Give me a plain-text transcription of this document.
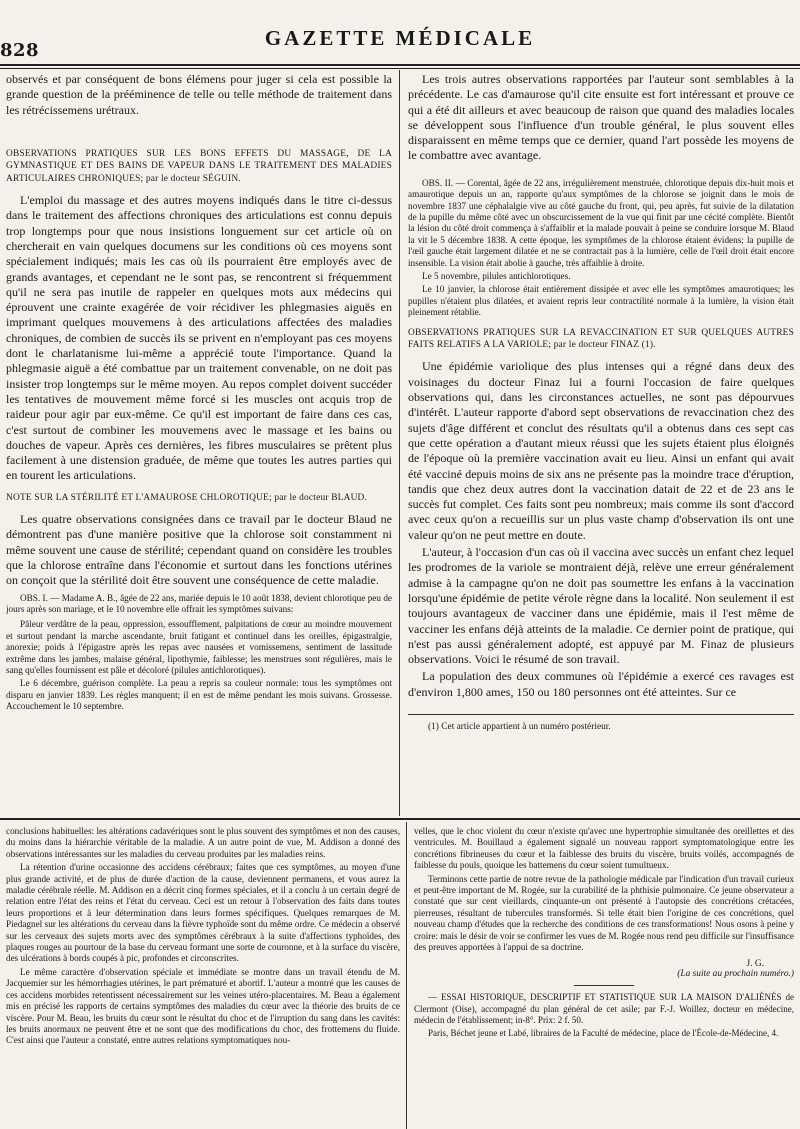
828
GAZETTE MÉDICALE

observés et par conséquent de bons élémens pour juger si cela est possible la grande question de la prééminence de telle ou telle méthode de traitement dans les rétrécissemens urétraux.

OBSERVATIONS PRATIQUES SUR LES BONS EFFETS DU MASSAGE, DE LA GYMNASTIQUE ET DES BAINS DE VAPEUR DANS LE TRAITEMENT DES MALADIES ARTICULAIRES CHRONIQUES; par le docteur SÉGUIN.

L'emploi du massage et des autres moyens indiqués dans le titre ci-dessus dans le traitement des affections chroniques des articulations est connu depuis trop longtemps pour que nous insistions longuement sur cet article où on chercherait en vain quelques documens sur les conditions où ces moyens sont spécialement indiqués; mais les cas où ils pourraient être employés avec de grands avantages, et cependant ne le sont pas, se rencontrent si fréquemment qu'il ne sera pas inutile de rappeler en quelques mots aux médecins qui éprouvent une crainte exagérée de voir récidiver les phlegmasies aiguës en imprimant quelques mouvemens à des articulations affectées des maladies chroniques, de combien de succès ils se privent en n'employant pas ces moyens dont le charlatanisme lui-même a apprécié toute l'importance. Quand la phlegmasie aiguë a été combattue par un traitement convenable, on ne doit pas insister trop longtemps sur le même moyen. Au repos complet doivent succéder les tentatives de mouvement même forcé si les muscles ont acquis trop de raideur pour agir par eux-même. Ce qu'il est important de faire dans ces cas, c'est surtout de combiner les mouvemens avec le massage et les bains ou douches de vapeur. Après ces dernières, les fibres musculaires se prêtent plus facilement à une distension graduée, de même que toutes les autres parties qui en tourent les articulations.

NOTE SUR LA STÉRILITÉ ET L'AMAUROSE CHLOROTIQUE; par le docteur BLAUD.

Les quatre observations consignées dans ce travail par le docteur Blaud ne démontrent pas d'une manière positive que la chlorose soit constamment ni même souvent une cause de stérilité; cependant quand on considère les troubles que la chlorose entraîne dans l'économie et surtout dans les fonctions utérines on conçoit que la stérilité doit être souvent une conséquence de cette maladie.

OBS. I. — Madame A. B., âgée de 22 ans, mariée depuis le 10 août 1838, devient chlorotique peu de jours après son mariage, et le 10 novembre elle offrait les symptômes suivans:

Pâleur verdâtre de la peau, oppression, essoufflement, palpitations de cœur au moindre mouvement et surtout pendant la marche ascendante, bruit fatigant et continuel dans les oreilles, épigastralgie, anorexie; poids à l'épigastre après les repas avec nausées et vomissemens, sentiment de lassitude extrême dans les jambes, malaise général, lipothymie, faiblesse; les menstrues sont régulières, mais le sang qu'elles fournissent est pâle et décoloré (pilules antichlorotiques).

Le 6 décembre, guérison complète. La peau a repris sa couleur normale: tous les symptômes ont disparu en janvier 1839. Les règles manquent; il en est de même pendant les mois suivans. Grossesse. Accouchement le 10 septembre.

Les trois autres observations rapportées par l'auteur sont semblables à la précédente. Le cas d'amaurose qu'il cite ensuite est fort intéressant et prouve ce qui a été dit ailleurs et avec beaucoup de raison que quand des maladies locales se développent sous l'influence d'un trouble général, le plus souvent elles disparaissent en même temps que ce dernier, quand l'art possède les moyens de le combattre avec avantage.

OBS. II. — Corental, âgée de 22 ans, irrégulièrement menstruée, chlorotique depuis dix-huit mois et amaurotique depuis un an, rapporte qu'aux symptômes de la chlorose se joignit dans le mois de novembre 1837 une céphalalgie vive au côté gauche du front, qui, peu après, fut suivie de la dilatation de la pupille du même côté avec un obscurcissement de la vue qui finit par une cécité complète. Bientôt la lésion du côté droit commença à s'affaiblir et la malade pouvait à peine se conduire lorsque M. Blaud la vit le 5 décembre 1838. A cette époque, les symptômes de la chlorose étaient évidens; la pupille de l'œil gauche était largement dilatée et ne se contractait pas à la lumière, celle de l'œil droit était encore insensible. La vision était abolie à gauche, très affaiblie à droite.

Le 5 novembre, pilules antichlorotiques.

Le 10 janvier, la chlorose était entièrement dissipée et avec elle les symptômes amaurotiques; les pupilles n'étaient plus dilatées, et avaient repris leur contractilité normale à la lumière, la vision était pleinement rétablie.

OBSERVATIONS PRATIQUES SUR LA REVACCINATION ET SUR QUELQUES AUTRES FAITS RELATIFS A LA VARIOLE; par le docteur FINAZ (1).

Une épidémie variolique des plus intenses qui a régné dans deux des voisinages du docteur Finaz lui a fourni l'occasion de faire quelques observations qui, dans les circonstances actuelles, ne sont pas dépourvues d'intérêt. L'auteur rapporte d'abord sept observations de revaccination chez des sujets d'âge différent et conclut des résultats qu'il a obtenus dans ces sept cas que cette opération a d'autant mieux réussi que les sujets étaient plus éloignés de l'époque où la première vaccination avait eu lieu. Ainsi un enfant qui avait été vacciné depuis moins de six ans ne présente pas la moindre trace d'éruption, tandis que chez deux autres dont la vaccination datait de 22 et de 23 ans le succès fut complet. Ces faits sont peu nombreux; mais comme ils sont d'accord avec ceux qu'on a recueillis sur un plus vaste champ d'observation ils ont une valeur qu'on ne peut mettre en doute.

L'auteur, à l'occasion d'un cas où il vaccina avec succès un enfant chez lequel les prodromes de la variole se montraient déjà, relève une erreur généralement admise à la campagne qu'on ne doit pas soumettre les enfans à la vaccination lorsqu'une épidémie de petite vérole règne dans la localité. Non seulement il est toujours avantageux de vacciner dans une épidémie, mais il l'est même de vacciner les enfans déjà atteints de la maladie. Ce dernier point de pratique, qui n'est pas aussi généralement adopté, est appuyé par M. Finaz de plusieurs observations. Voici le résumé de son travail.

La population des deux communes où l'épidémie a exercé ces ravages est d'environ 1,800 ames, 150 ou 180 personnes ont été atteintes. Sur ce

(1) Cet article appartient à un numéro postérieur.

conclusions habituelles: les altérations cadavériques sont le plus souvent des symptômes et non des causes, du moins dans la hiérarchie véritable de la maladie. A un autre point de vue, M. Addison a donné des observations intéressantes sur les maladies du cerveau produites par les maladies reins.

La rétention d'urine occasionne des accidens cérébraux; faites que ces symptômes, au moyen d'une plus grande activité, et de plus de durée d'action de la cause, deviennent permanens, et vous aurez la maladie cérébrale réelle. M. Addison en a décrit cinq formes spéciales, et il a conclu à un certain degré de relation entre l'état des reins et l'état du cerveau. Ceci est un retour à l'observation des faits dans toutes leurs proportions et à leur détermination dans leurs formes spécifiques. Quelques remarques de M. Piedagnel sur les altérations du cerveau dans la fièvre typhoïde sont du même ordre. Ce médecin a observé sur les cerveaux des sujets morts avec des symptômes cérébraux à la suite d'affections typhoïdes, des plaques rouges au pourtour de la base du cerveau formant une sorte de couronne, et à la surface du viscère, des ulcérations à bords coupés à pic, profondes et circonscrites.

Le même caractère d'observation spéciale et immédiate se montre dans un travail étendu de M. Jacquemier sur les hémorrhagies utérines, le part prématuré et abortif. L'auteur a montré que les causes de ces accidens morbides retentissent nécessairement sur les veines utéro-placentaires. M. Beau a également mis en précisé les rapports de certains symptômes des maladies du cœur avec la théorie des bruits de ce viscère. Pour M. Beau, les bruits du cœur sont le résultat du choc et de l'irruption du sang dans les cavités: les bruits anormaux ne peuvent être et ne sont que des modifications du choc, des frottemens du fluide. C'est ainsi que l'auteur a constaté, entre autres relations symptomatiques nou-

velles, que le choc violent du cœur n'existe qu'avec une hypertrophie simultanée des oreillettes et des ventricules. M. Bouillaud a également signalé un nouveau rapport symptomatologique entre les concrétions fibrineuses du cœur et la faiblesse des bruits du viscère, bruits voilés, accompagnés de faiblesse du pouls, quoique les battemens du cœur soient tumultueux.

Terminons cette partie de notre revue de la pathologie médicale par l'indication d'un travail curieux et peut-être important de M. Rogée, sur la curabilité de la phthisie pulmonaire. Ce jeune observateur a constaté que sur cent vieillards, cinquante-un ont présenté à l'autopsie des concrétions crétacées, pierreuses, résultant de tubercules transformés. Si telle était bien l'origine de ces concrétions, quel nouveau champ d'études que la recherche des conditions de ces transformations! Nous osons à peine y croire: mais le désir de voir se confirmer les vues de M. Rogée nous rend peu difficile sur l'insuffisance des preuves apportées à l'appui de sa doctrine.

J. G.
(La suite au prochain numéro.)

— ESSAI HISTORIQUE, DESCRIPTIF ET STATISTIQUE SUR LA MAISON D'ALIÉNÉS de Clermont (Oise), accompagné du plan général de cet asile; par F.-J. Woillez, docteur en médecine, médecin de l'établissement; in-8°. Prix: 2 f. 50.

Paris, Béchet jeune et Labé, libraires de la Faculté de médecine, place de l'École-de-Médecine, 4.
